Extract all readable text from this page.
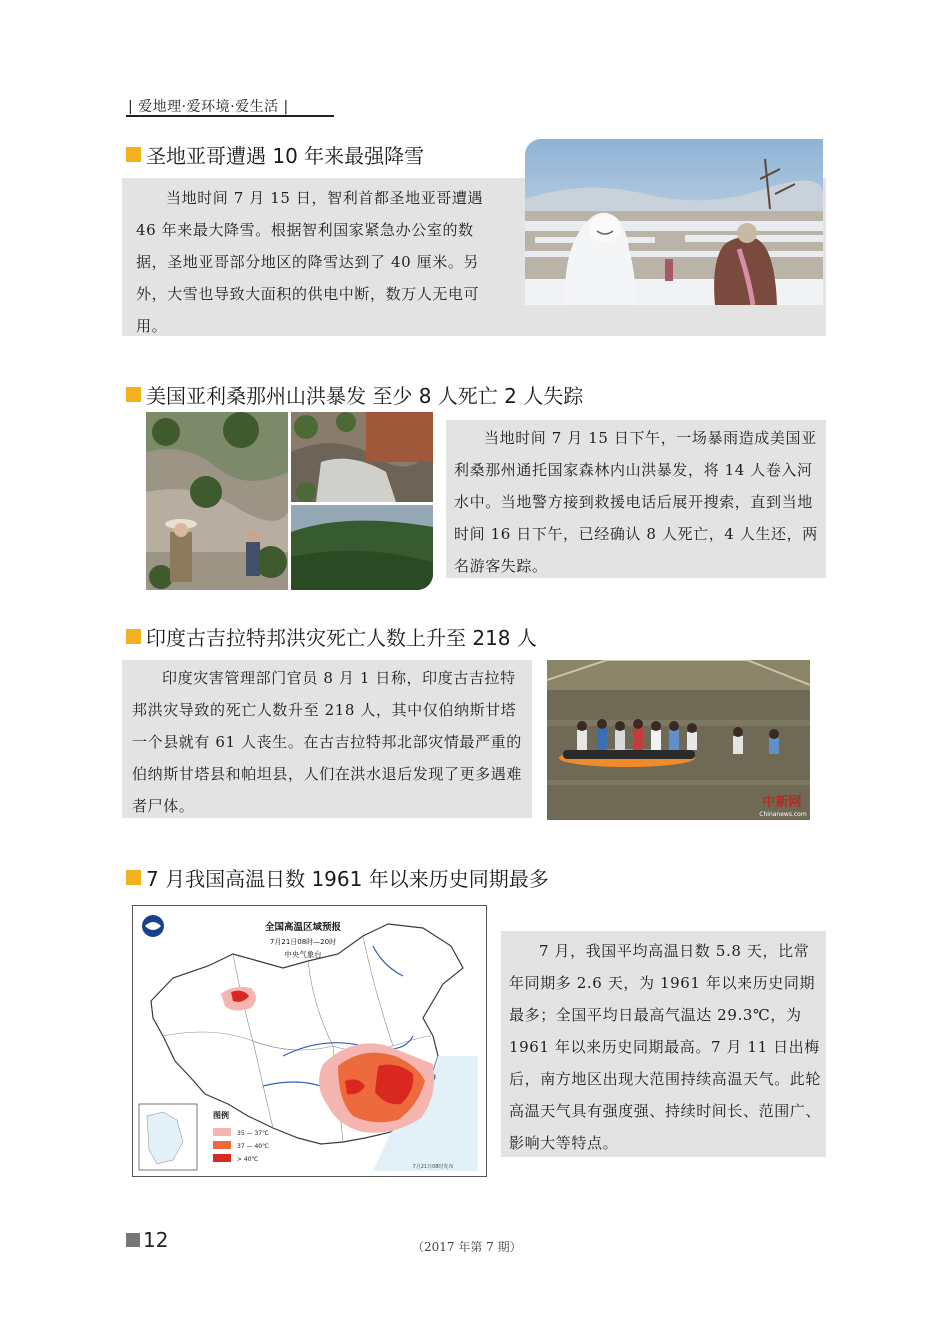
| 爱地理·爱环境·爱生活 |
圣地亚哥遭遇 10 年来最强降雪
当地时间 7 月 15 日，智利首都圣地亚哥遭遇 46 年来最大降雪。根据智利国家紧急办公室的数据，圣地亚哥部分地区的降雪达到了 40 厘米。另外，大雪也导致大面积的供电中断，数万人无电可用。
美国亚利桑那州山洪暴发 至少 8 人死亡 2 人失踪
当地时间 7 月 15 日下午，一场暴雨造成美国亚利桑那州通托国家森林内山洪暴发，将 14 人卷入河水中。当地警方接到救援电话后展开搜索，直到当地时间 16 日下午，已经确认 8 人死亡，4 人生还，两名游客失踪。
印度古吉拉特邦洪灾死亡人数上升至 218 人
印度灾害管理部门官员 8 月 1 日称，印度古吉拉特邦洪灾导致的死亡人数升至 218 人，其中仅伯纳斯甘塔一个县就有 61 人丧生。在古吉拉特邦北部灾情最严重的伯纳斯甘塔县和帕坦县，人们在洪水退后发现了更多遇难者尸体。	中新网
Chinanews.com
7 月我国高温日数 1961 年以来历史同期最多
全国高温区域预报
7月21日08时—20时
中央气象台
图例
35 — 37℃
37 — 40℃
> 40℃
7月21日08时发布
7 月，我国平均高温日数 5.8 天，比常年同期多 2.6 天，为 1961 年以来历史同期最多；全国平均日最高气温达 29.3℃，为 1961 年以来历史同期最高。7 月 11 日出梅后，南方地区出现大范围持续高温天气。此轮高温天气具有强度强、持续时间长、范围广、影响大等特点。
12	（2017 年第 7 期）
